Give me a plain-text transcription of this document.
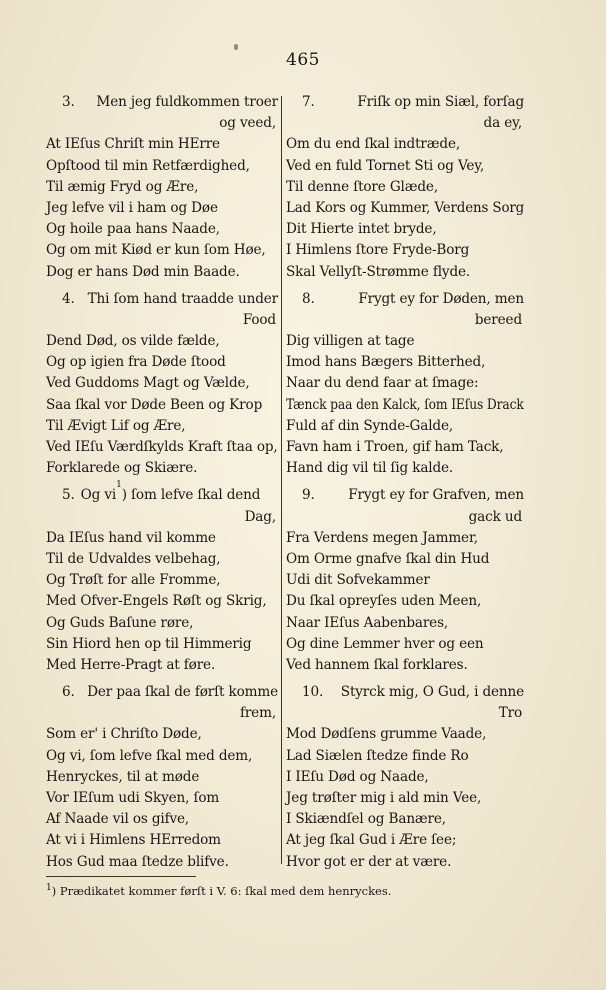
465
3. Men jeg fuldkommen troer
og veed,
At IEſus Chriſt min HErre
Opſtood til min Retfærdighed,
Til æmig Fryd og Ære,
Jeg lefve vil i ham og Døe
Og hoile paa hans Naade,
Og om mit Kiød er kun ſom Høe,
Dog er hans Død min Baade.
4. Thi ſom hand traadde under
Food
Dend Død, os vilde fælde,
Og op igien fra Døde ſtood
Ved Guddoms Magt og Vælde,
Saa ſkal vor Døde Been og Krop
Til Ævigt Lif og Ære,
Ved IEſu Værdſkylds Kraft ſtaa op,
Forklarede og Skiære.
5. Og vi
1
) ſom lefve ſkal dend
Dag,
Da IEſus hand vil komme
Til de Udvaldes velbehag,
Og Trøſt for alle Fromme,
Med Ofver-Engels Røſt og Skrig,
Og Guds Baſune røre,
Sin Hiord hen op til Himmerig
Med Herre-Pragt at føre.
6. Der paa ſkal de førſt komme
frem,
Som er' i Chriſto Døde,
Og vi, ſom lefve ſkal med dem,
Henryckes, til at møde
Vor IEſum udi Skyen, ſom
Af Naade vil os gifve,
At vi i Himlens HErredom
Hos Gud maa ſtedze blifve.
7.	Friſk op min Siæl, forſag
da ey,
Om du end ſkal indtræde,
Ved en fuld Tornet Sti og Vey,
Til denne ſtore Glæde,
Lad Kors og Kummer, Verdens Sorg
Dit Hierte intet bryde,
I Himlens ſtore Fryde-Borg
Skal Vellyſt-Strømme flyde.
8.	Frygt ey for Døden, men
bereed
Dig villigen at tage
Imod hans Bægers Bitterhed,
Naar du dend faar at ſmage:
Tænck paa den Kalck, ſom IEſus Drack
Fuld af din Synde-Galde,
Favn ham i Troen, gif ham Tack,
Hand dig vil til ſig kalde.
9. Frygt ey for Grafven, men
gack ud
Fra Verdens megen Jammer,
Om Orme gnafve ſkal din Hud
Udi dit Sofvekammer
Du ſkal opreyſes uden Meen,
Naar IEſus Aabenbares,
Og dine Lemmer hver og een
Ved hannem ſkal forklares.
10. Styrck mig, O Gud, i denne
Tro
Mod Dødſens grumme Vaade,
Lad Siælen ſtedze finde Ro
I IEſu Død og Naade,
Jeg trøſter mig i ald min Vee,
I Skiændſel og Banære,
At jeg ſkal Gud i Ære ſee;
Hvor got er der at være.
$^1$) Prædikatet kommer førſt i V. 6: ſkal med dem henryckes.
